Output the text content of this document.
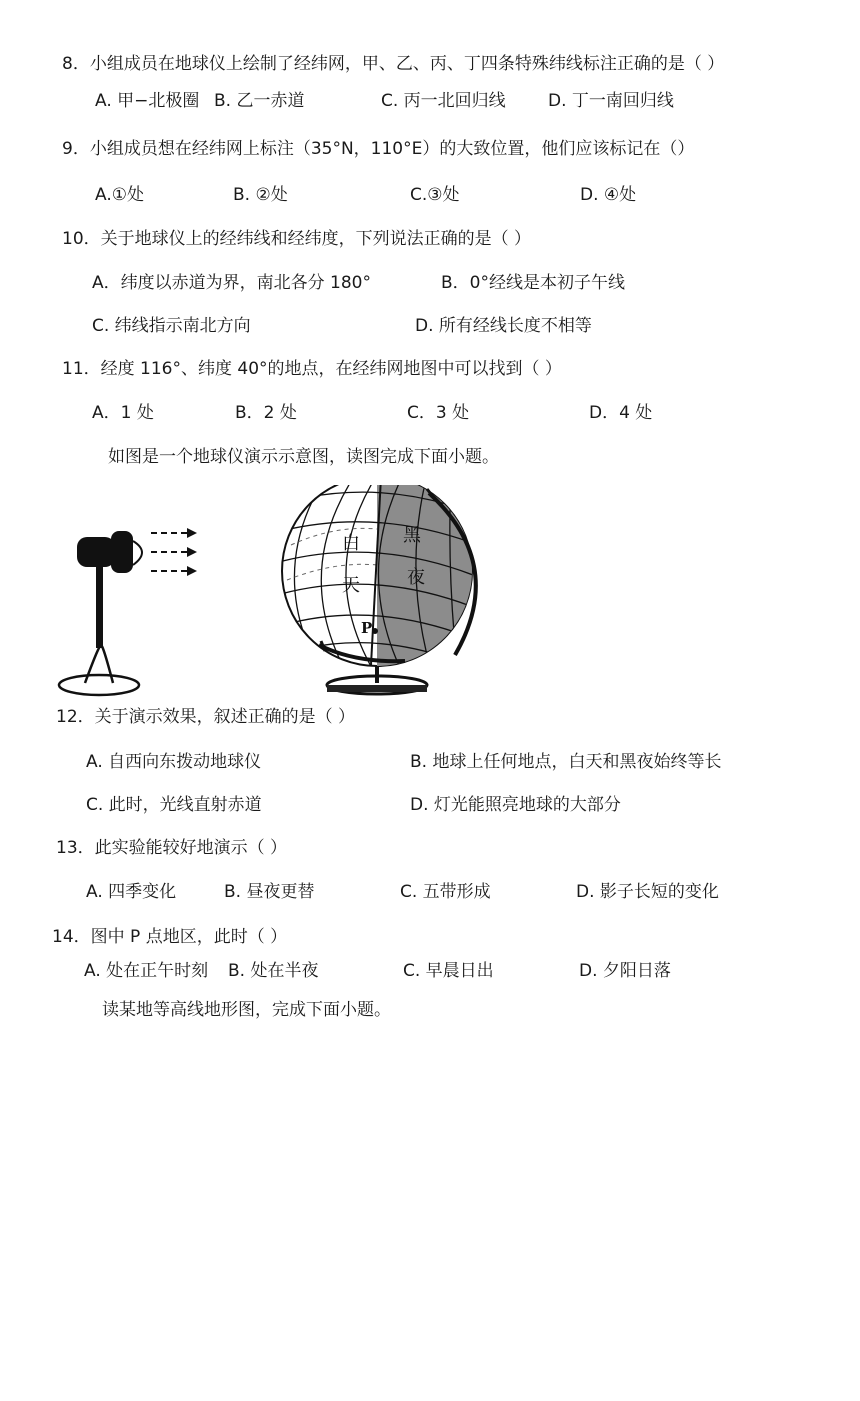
8．小组成员在地球仪上绘制了经纬网，甲、乙、丙、丁四条特殊纬线标注正确的是（ ）
A. 甲−北极圈 B. 乙一赤道	C. 丙一北回归线 D. 丁一南回归线
9．小组成员想在经纬网上标注（35°N，110°E）的大致位置，他们应该标记在（）
A.①处	B. ②处	C.③处	D. ④处
10．关于地球仪上的经纬线和经纬度，下列说法正确的是（ ）
A．纬度以赤道为界，南北各分 180°	B．0°经线是本初子午线
C. 纬线指示南北方向	D. 所有经线长度不相等
11．经度 116°、纬度 40°的地点，在经纬网地图中可以找到（ ）
A．1 处	B．2 处	C．3 处	D．4 处
如图是一个地球仪演示示意图，读图完成下面小题。
白
天
黑
夜
P
12．关于演示效果，叙述正确的是（ ）
A. 自西向东拨动地球仪	B. 地球上任何地点，白天和黑夜始终等长
C. 此时，光线直射赤道	D. 灯光能照亮地球的大部分
13．此实验能较好地演示（ ）
A. 四季变化	B. 昼夜更替	C. 五带形成	D. 影子长短的变化
14．图中 P 点地区，此时（ ）
A. 处在正午时刻 B. 处在半夜	C. 早晨日出	D. 夕阳日落
读某地等高线地形图，完成下面小题。
